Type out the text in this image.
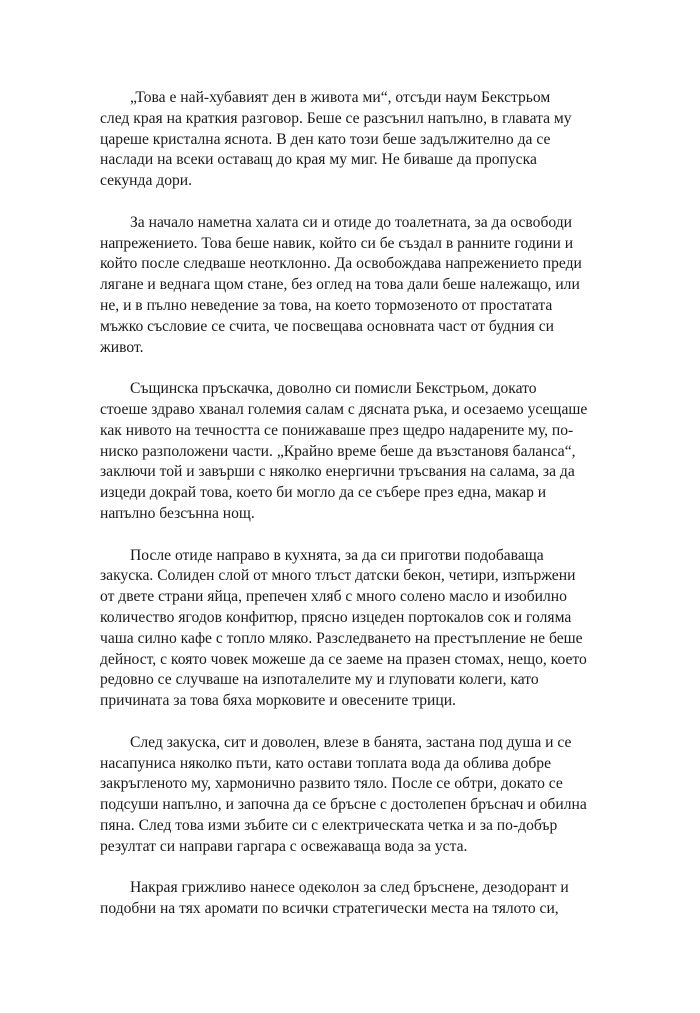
„Това е най-хубавият ден в живота ми“, отсъди наум Бекстрьом
след края на краткия разговор. Беше се разсънил напълно, в главата му
цареше кристална яснота. В ден като този беше задължително да се
наслади на всеки оставащ до края му миг. Не биваше да пропуска
секунда дори.

За начало наметна халата си и отиде до тоалетната, за да освободи
напрежението. Това беше навик, който си бе създал в ранните години и
който после следваше неотклонно. Да освобождава напрежението преди
лягане и веднага щом стане, без оглед на това дали беше належащо, или
не, и в пълно неведение за това, на което тормозеното от простатата
мъжко съсловие се счита, че посвещава основната част от будния си
живот.

Същинска пръскачка, доволно си помисли Бекстрьом, докато
стоеше здраво хванал големия салам с дясната ръка, и осезаемо усещаше
как нивото на течността се понижаваше през щедро надарените му, по-
ниско разположени части. „Крайно време беше да възстановя баланса“,
заключи той и завърши с няколко енергични тръсвания на салама, за да
изцеди докрай това, което би могло да се събере през една, макар и
напълно безсънна нощ.

После отиде направо в кухнята, за да си приготви подобаваща
закуска. Солиден слой от много тлъст датски бекон, четири, изпържени
от двете страни яйца, препечен хляб с много солено масло и изобилно
количество ягодов конфитюр, прясно изцеден портокалов сок и голяма
чаша силно кафе с топло мляко. Разследването на престъпление не беше
дейност, с която човек можеше да се заеме на празен стомах, нещо, което
редовно се случваше на изпоталелите му и глуповати колеги, като
причината за това бяха морковите и овесените трици.

След закуска, сит и доволен, влезе в банята, застана под душа и се
насапуниса няколко пъти, като остави топлата вода да облива добре
закръгленото му, хармонично развито тяло. После се обтри, докато се
подсуши напълно, и започна да се бръсне с достолепен бръснач и обилна
пяна. След това изми зъбите си с електрическата четка и за по-добър
резултат си направи гаргара с освежаваща вода за уста.

Накрая грижливо нанесе одеколон за след бръснене, дезодорант и
подобни на тях аромати по всички стратегически места на тялото си,
